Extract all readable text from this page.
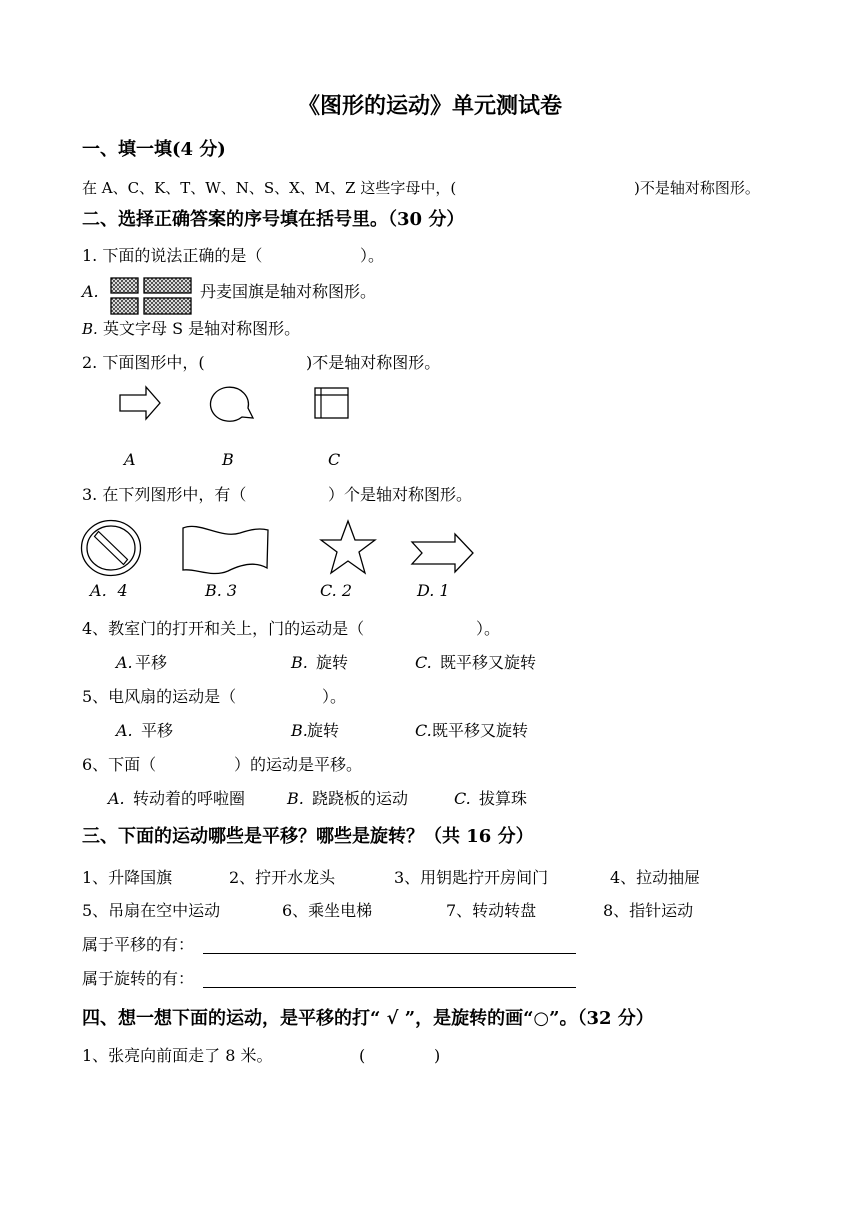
《图形的运动》单元测试卷
一、填一填(4 分)
在 A、C、K、T、W、N、S、X、M、Z 这些字母中，(	)不是轴对称图形。
二、选择正确答案的序号填在括号里。（30 分）
1. 下面的说法正确的是（	）。
A.	丹麦国旗是轴对称图形。
B. 英文字母 S 是轴对称图形。
2. 下面图形中，(	)不是轴对称图形。
A	B	C
3. 在下列图形中，有（	）个是轴对称图形。
A．4	B. 3	C. 2	D. 1
4、教室门的打开和关上，门的运动是（	）。
A. 平移	B. 旋转	C. 既平移又旋转
5、电风扇的运动是（	）。
A. 平移	B. 旋转	C. 既平移又旋转
6、下面（	）的运动是平移。
A. 转动着的呼啦圈	B. 跷跷板的运动	C. 拔算珠
三、下面的运动哪些是平移？哪些是旋转？（共 16 分）
1、升降国旗	2、拧开水龙头	3、用钥匙拧开房间门	4、拉动抽屉
5、吊扇在空中运动	6、乘坐电梯	7、转动转盘	8、指针运动
属于平移的有：
属于旋转的有：
四、想一想下面的运动，是平移的打“ √ ”，是旋转的画“○”。（32 分）
1、张亮向前面走了 8 米。	(	)
